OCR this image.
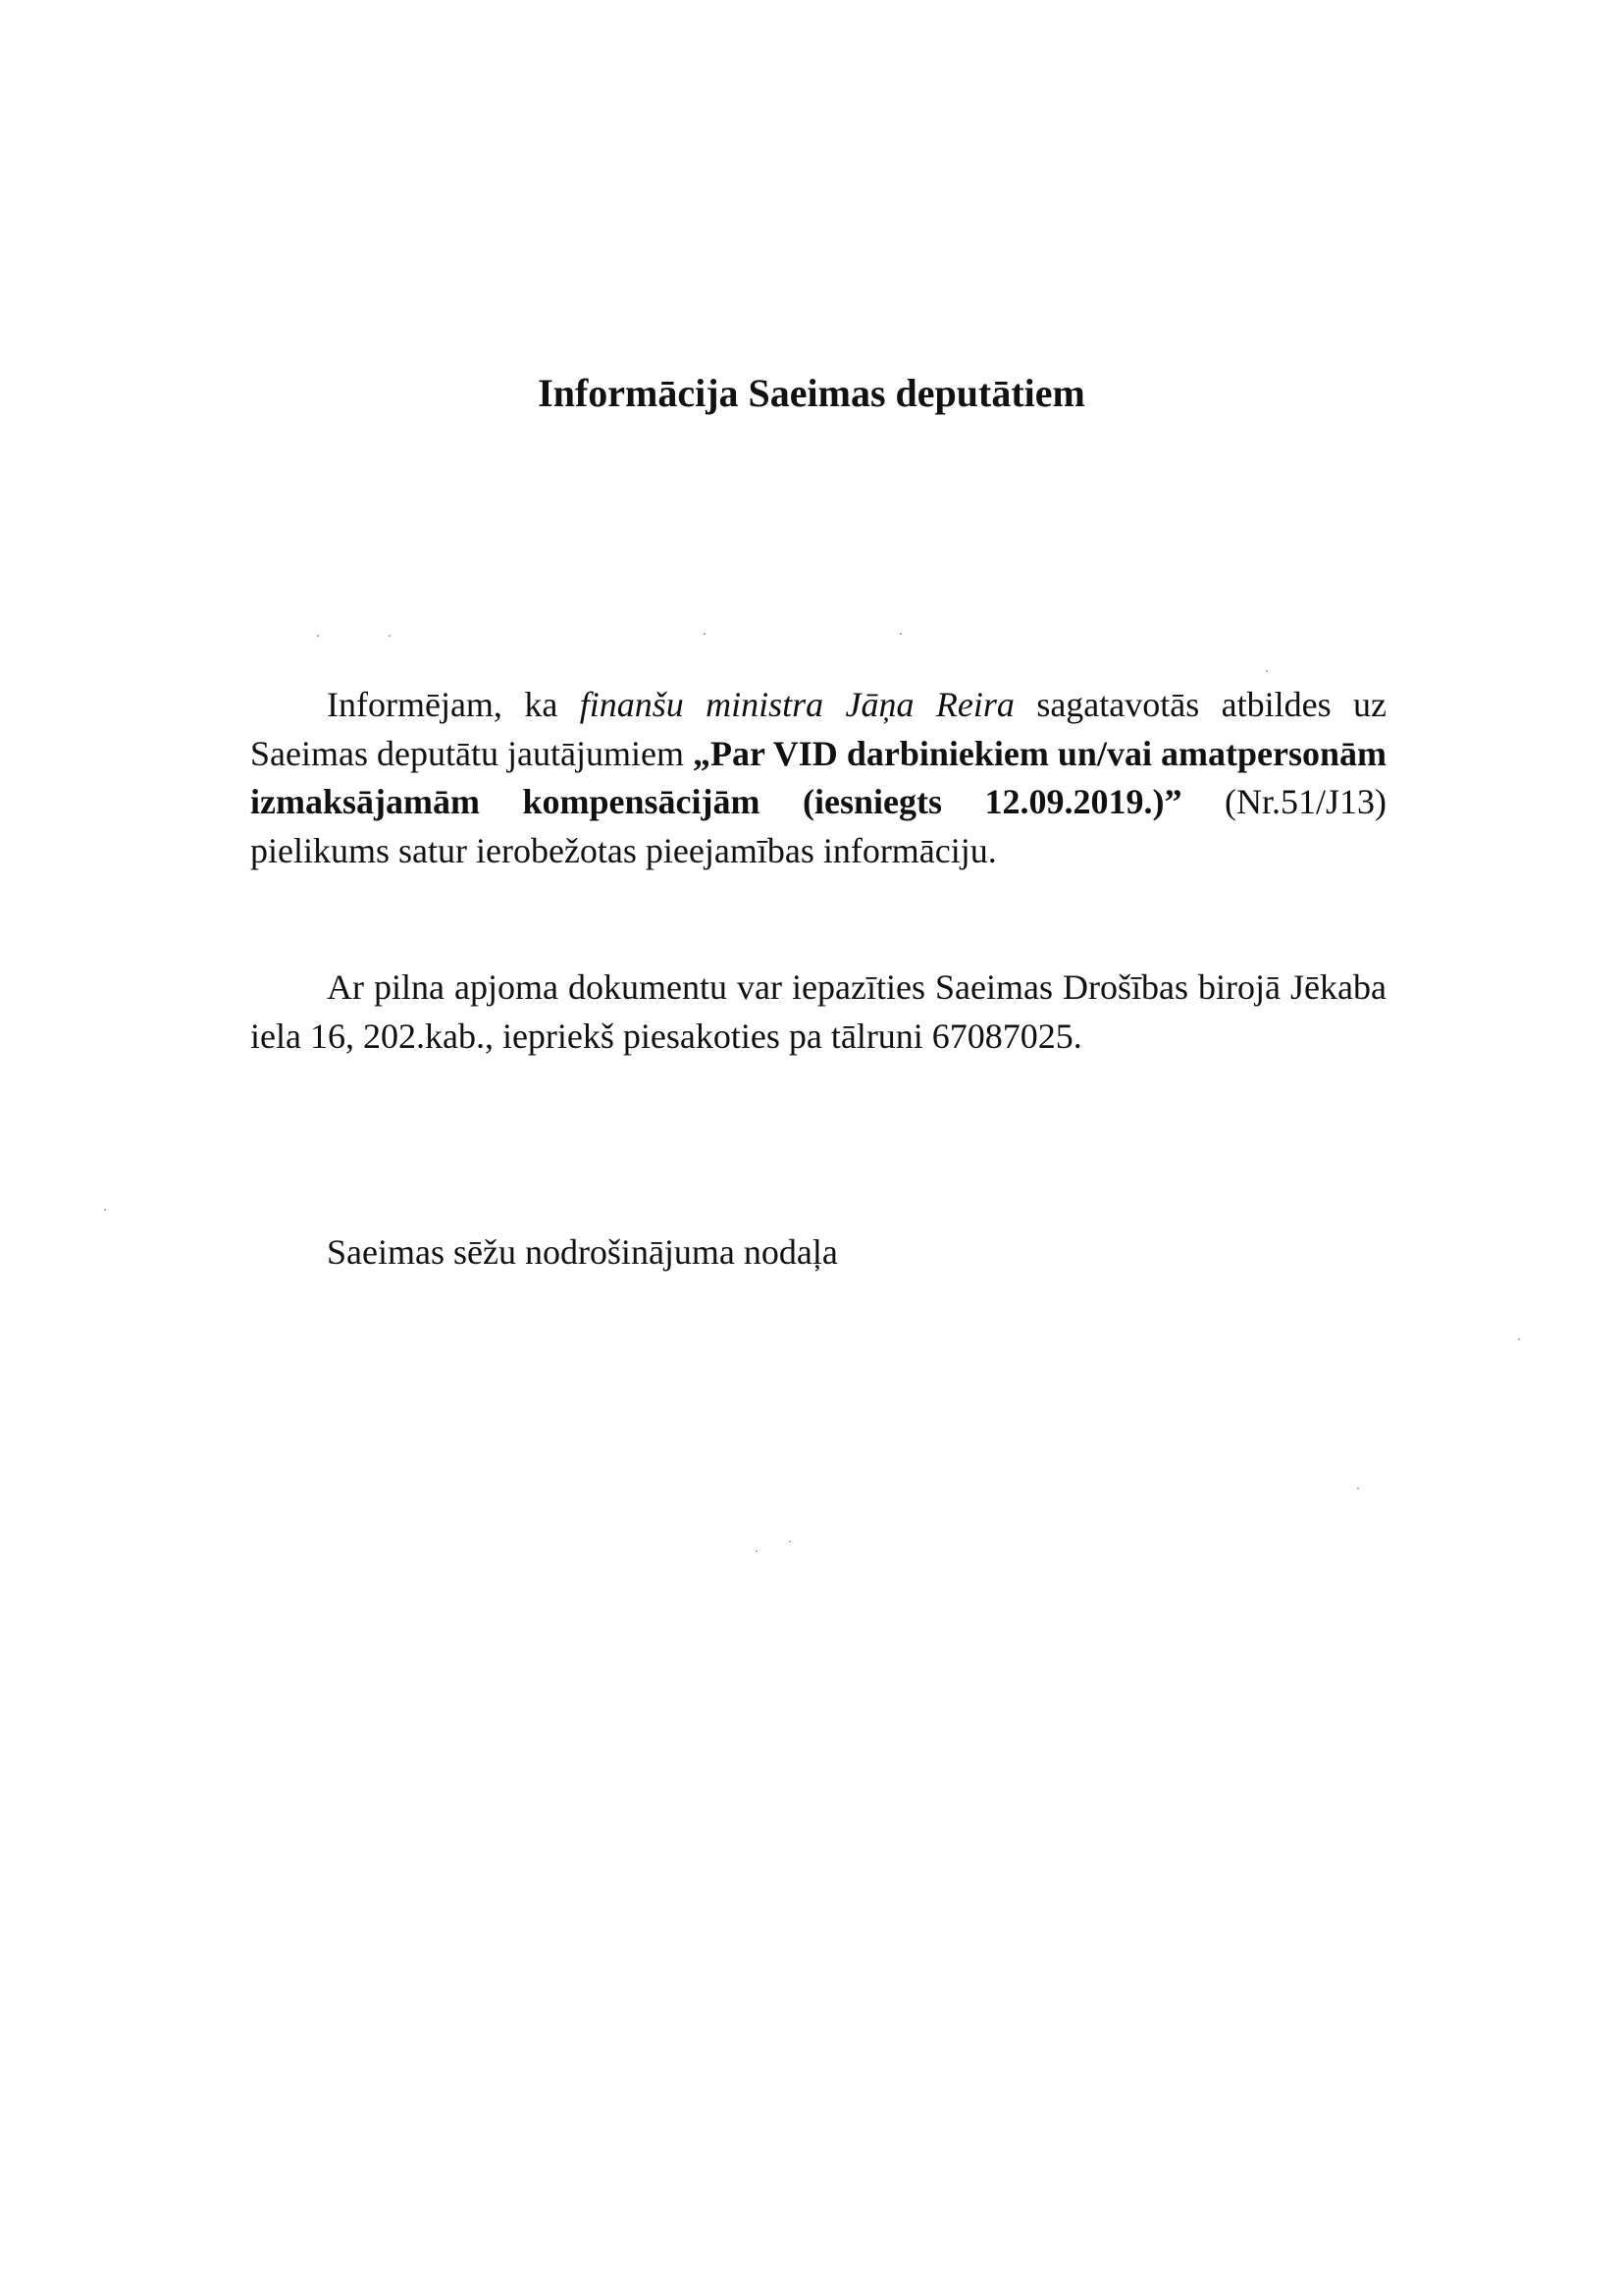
Informācija Saeimas deputātiem

Informējam, ka finanšu ministra Jāņa Reira sagatavotās atbildes uz Saeimas deputātu jautājumiem „Par VID darbiniekiem un/vai amatpersonām izmaksājamām kompensācijām (iesniegts 12.09.2019.)” (Nr.51/J13) pielikums satur ierobežotas pieejamības informāciju.

Ar pilna apjoma dokumentu var iepazīties Saeimas Drošības birojā Jēkaba iela 16, 202.kab., iepriekš piesakoties pa tālruni 67087025.

Saeimas sēžu nodrošinājuma nodaļa
